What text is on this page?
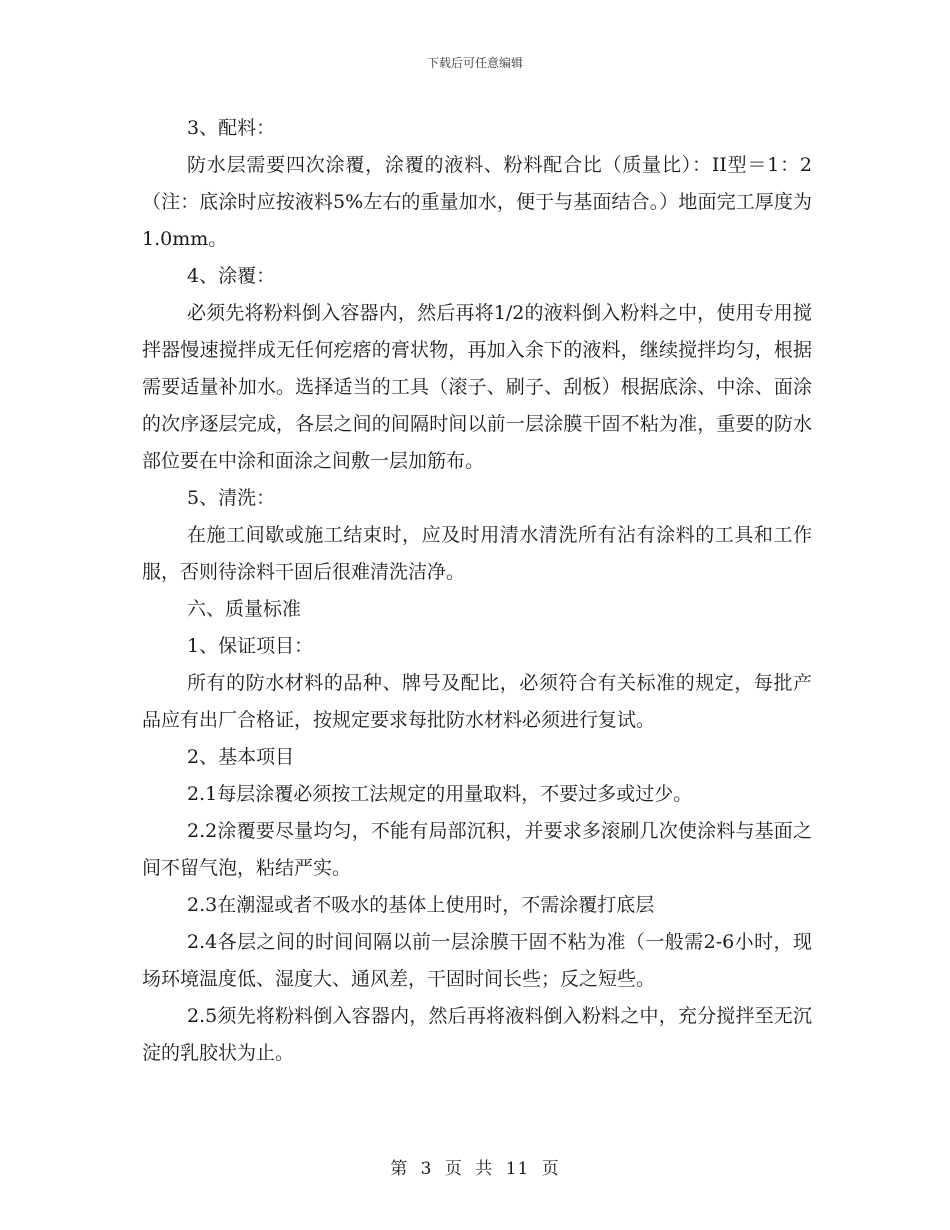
下载后可任意编辑

3、配料：

防水层需要四次涂覆，涂覆的液料、粉料配合比（质量比）：II型＝1：2（注：底涂时应按液料5%左右的重量加水，便于与基面结合。）地面完工厚度为1.0mm。

4、涂覆：

必须先将粉料倒入容器内，然后再将1/2的液料倒入粉料之中，使用专用搅拌器慢速搅拌成无任何疙瘩的膏状物，再加入余下的液料，继续搅拌均匀，根据需要适量补加水。选择适当的工具（滚子、刷子、刮板）根据底涂、中涂、面涂的次序逐层完成，各层之间的间隔时间以前一层涂膜干固不粘为准，重要的防水部位要在中涂和面涂之间敷一层加筋布。

5、清洗：

在施工间歇或施工结束时，应及时用清水清洗所有沾有涂料的工具和工作服，否则待涂料干固后很难清洗洁净。

六、质量标准

1、保证项目：

所有的防水材料的品种、牌号及配比，必须符合有关标准的规定，每批产品应有出厂合格证，按规定要求每批防水材料必须进行复试。

2、基本项目

2.1每层涂覆必须按工法规定的用量取料，不要过多或过少。

2.2涂覆要尽量均匀，不能有局部沉积，并要求多滚刷几次使涂料与基面之间不留气泡，粘结严实。

2.3在潮湿或者不吸水的基体上使用时，不需涂覆打底层

2.4各层之间的时间间隔以前一层涂膜干固不粘为准（一般需2-6小时，现场环境温度低、湿度大、通风差，干固时间长些；反之短些。

2.5须先将粉料倒入容器内，然后再将液料倒入粉料之中，充分搅拌至无沉淀的乳胶状为止。

第 3 页 共 11 页
